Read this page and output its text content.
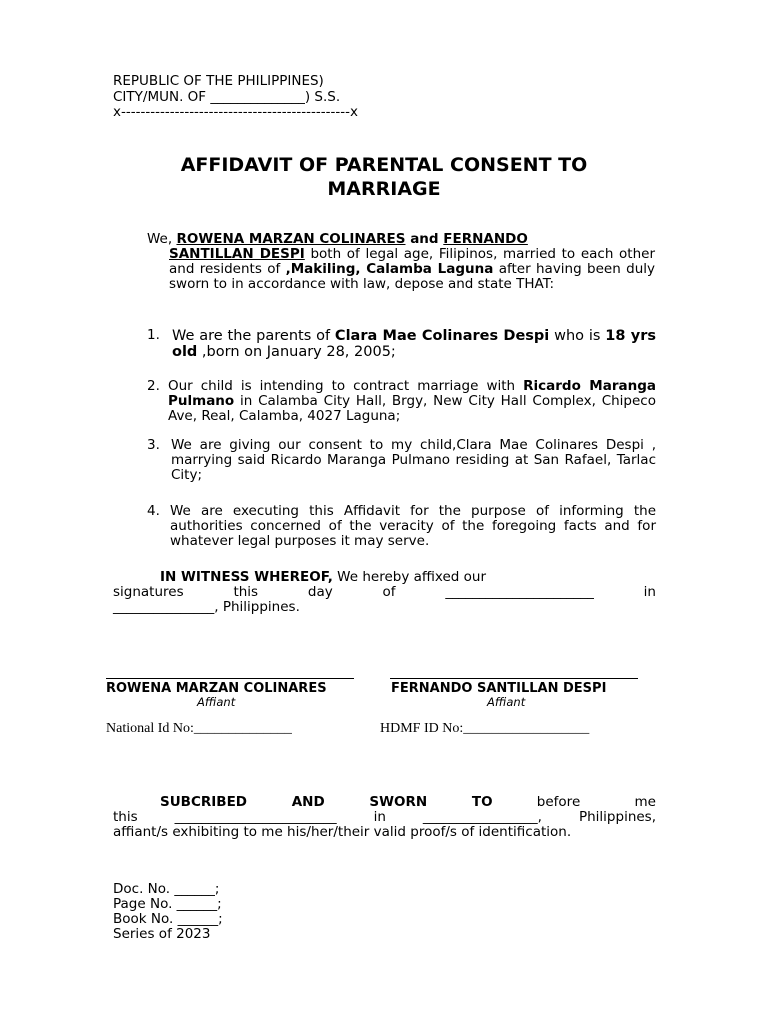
REPUBLIC OF THE PHILIPPINES)
CITY/MUN. OF ______________) S.S.
x-----------------------------------------------x
AFFIDAVIT OF PARENTAL CONSENT TO
MARRIAGE
We, ROWENA MARZAN COLINARES and FERNANDO
SANTILLAN DESPI both of legal age, Filipinos, married to each other and residents of ,Makiling, Calamba Laguna after having been duly sworn to in accordance with law, depose and state THAT:
1. We are the parents of Clara Mae Colinares Despi who is 18 yrs old ,born on January 28, 2005;
2. Our child is intending to contract marriage with Ricardo Maranga Pulmano in Calamba City Hall, Brgy, New City Hall Complex, Chipeco Ave, Real, Calamba, 4027 Laguna;
3. We are giving our consent to my child,Clara Mae Colinares Despi , marrying said Ricardo Maranga Pulmano residing at San Rafael, Tarlac City;
4. We are executing this Affidavit for the purpose of informing the authorities concerned of the veracity of the foregoing facts and for whatever legal purposes it may serve.
IN WITNESS WHEREOF, We hereby affixed our
signatures this day of ______________________ in
_______________, Philippines.
ROWENA MARZAN COLINARES	FERNANDO SANTILLAN DESPI
Affiant	Affiant
National Id No:______________	HDMF ID No:__________________
SUBCRIBED AND SWORN TO	before me
this ________________________ in _________________, Philippines,
affiant/s exhibiting to me his/her/their valid proof/s of identification.
Doc. No. ______;
Page No. ______;
Book No. ______;
Series of 2023
